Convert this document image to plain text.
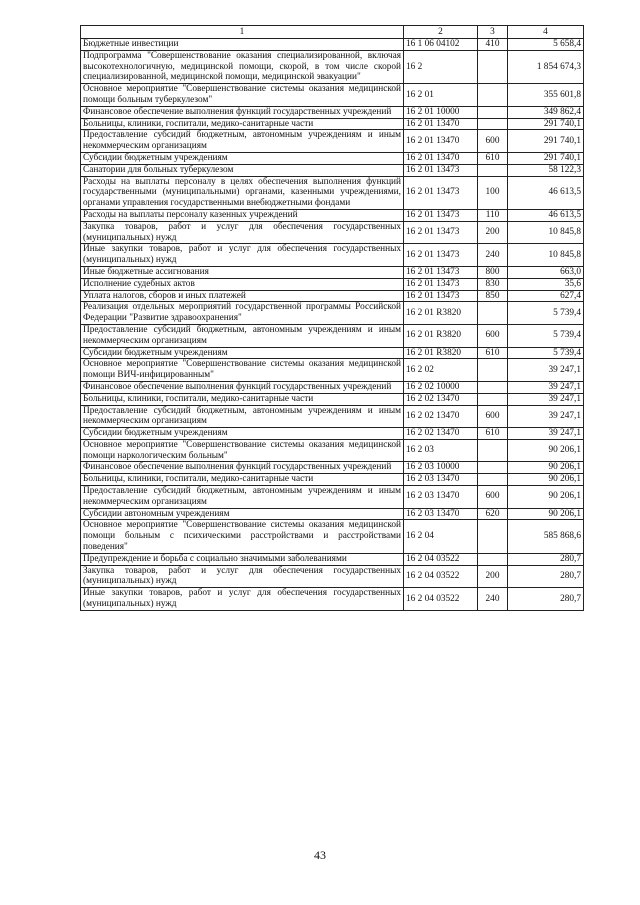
1	2	3	4
Бюджетные инвестиции	16 1 06 04102	410	5 658,4
Подпрограмма "Совершенствование оказания специализированной, включая высокотехнологичную, медицинской помощи, скорой, в том числе скорой специализированной, медицинской помощи, медицинской эвакуации"	16 2		1 854 674,3
Основное мероприятие "Совершенствование системы оказания медицинской помощи больным туберкулезом"	16 2 01		355 601,8
Финансовое обеспечение выполнения функций государственных учреждений	16 2 01 10000		349 862,4
Больницы, клиники, госпитали, медико-санитарные части	16 2 01 13470		291 740,1
Предоставление субсидий бюджетным, автономным учреждениям и иным некоммерческим организациям	16 2 01 13470	600	291 740,1
Субсидии бюджетным учреждениям	16 2 01 13470	610	291 740,1
Санатории для больных туберкулезом	16 2 01 13473		58 122,3
Расходы на выплаты персоналу в целях обеспечения выполнения функций государственными (муниципальными) органами, казенными учреждениями, органами управления государственными внебюджетными фондами	16 2 01 13473	100	46 613,5
Расходы на выплаты персоналу казенных учреждений	16 2 01 13473	110	46 613,5
Закупка товаров, работ и услуг для обеспечения государственных (муниципальных) нужд	16 2 01 13473	200	10 845,8
Иные закупки товаров, работ и услуг для обеспечения государственных (муниципальных) нужд	16 2 01 13473	240	10 845,8
Иные бюджетные ассигнования	16 2 01 13473	800	663,0
Исполнение судебных актов	16 2 01 13473	830	35,6
Уплата налогов, сборов и иных платежей	16 2 01 13473	850	627,4
Реализация отдельных мероприятий государственной программы Российской Федерации "Развитие здравоохранения"	16 2 01 R3820		5 739,4
Предоставление субсидий бюджетным, автономным учреждениям и иным некоммерческим организациям	16 2 01 R3820	600	5 739,4
Субсидии бюджетным учреждениям	16 2 01 R3820	610	5 739,4
Основное мероприятие "Совершенствование системы оказания медицинской помощи ВИЧ-инфицированным"	16 2 02		39 247,1
Финансовое обеспечение выполнения функций государственных учреждений	16 2 02 10000		39 247,1
Больницы, клиники, госпитали, медико-санитарные части	16 2 02 13470		39 247,1
Предоставление субсидий бюджетным, автономным учреждениям и иным некоммерческим организациям	16 2 02 13470	600	39 247,1
Субсидии бюджетным учреждениям	16 2 02 13470	610	39 247,1
Основное мероприятие "Совершенствование системы оказания медицинской помощи наркологическим больным"	16 2 03		90 206,1
Финансовое обеспечение выполнения функций государственных учреждений	16 2 03 10000		90 206,1
Больницы, клиники, госпитали, медико-санитарные части	16 2 03 13470		90 206,1
Предоставление субсидий бюджетным, автономным учреждениям и иным некоммерческим организациям	16 2 03 13470	600	90 206,1
Субсидии автономным учреждениям	16 2 03 13470	620	90 206,1
Основное мероприятие "Совершенствование системы оказания медицинской помощи больным с психическими расстройствами и расстройствами поведения"	16 2 04		585 868,6
Предупреждение и борьба с социально значимыми заболеваниями	16 2 04 03522		280,7
Закупка товаров, работ и услуг для обеспечения государственных (муниципальных) нужд	16 2 04 03522	200	280,7
Иные закупки товаров, работ и услуг для обеспечения государственных (муниципальных) нужд	16 2 04 03522	240	280,7
43
